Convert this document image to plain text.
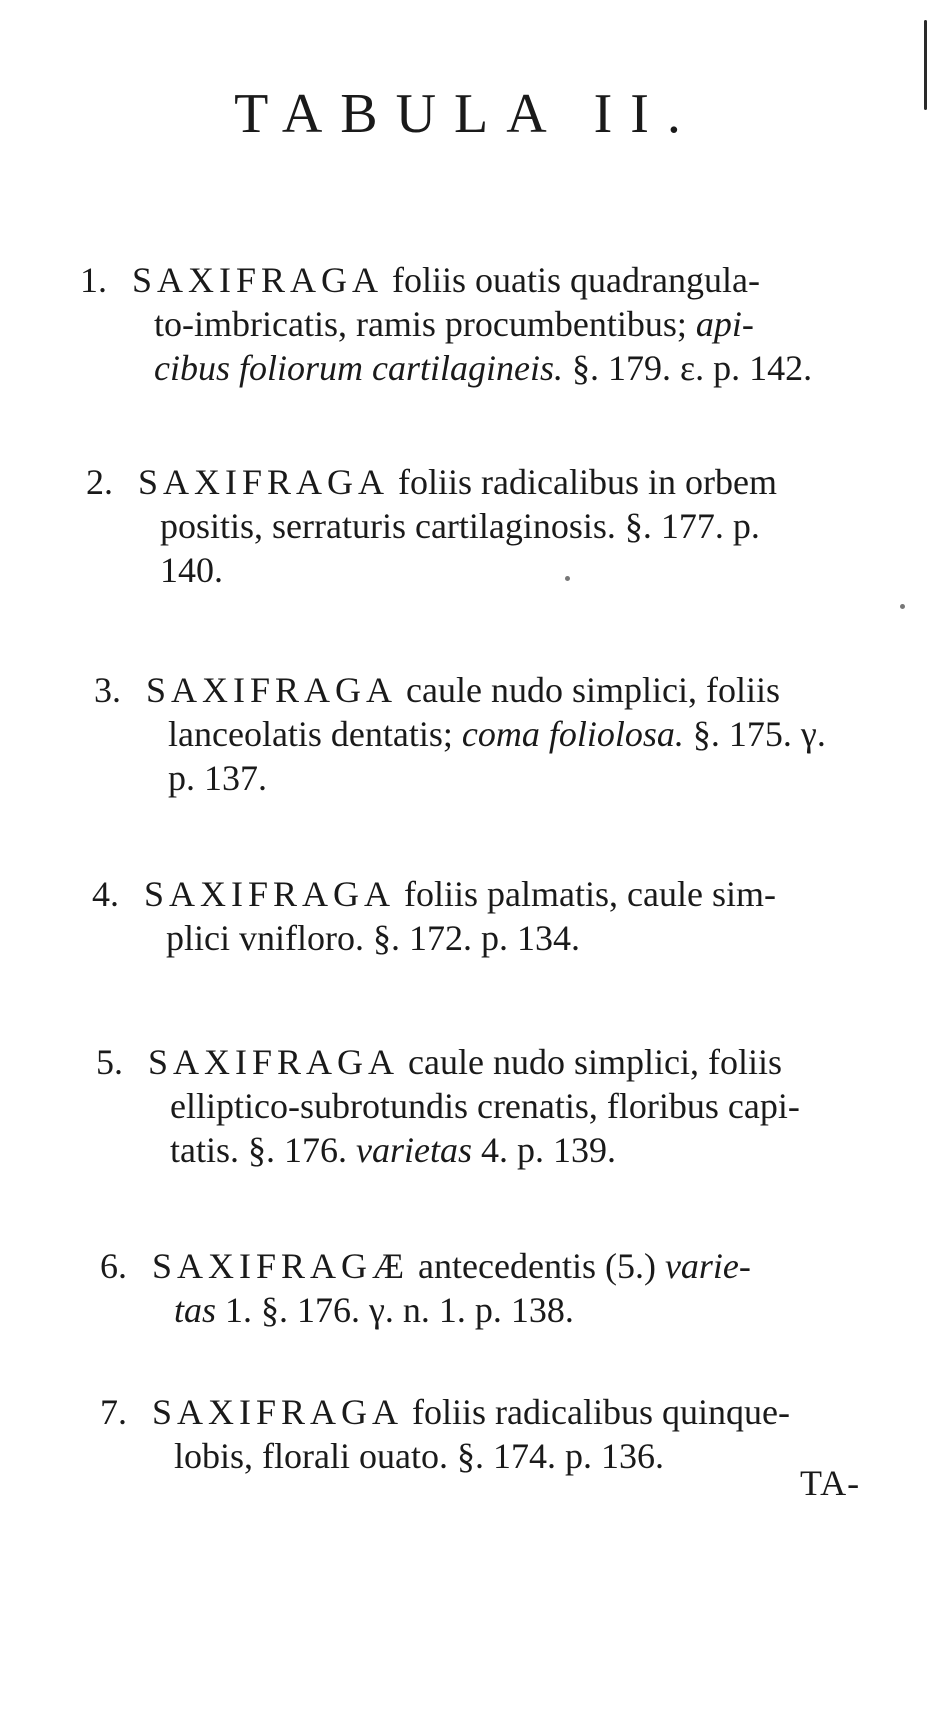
TABULA II.
1. SAXIFRAGA foliis ouatis quadrangula-
to-imbricatis, ramis procumbentibus; api-
cibus foliorum cartilagineis. §. 179. ε. p. 142.
2. SAXIFRAGA foliis radicalibus in orbem
positis, serraturis cartilaginosis. §. 177. p.
140.
3. SAXIFRAGA caule nudo simplici, foliis
lanceolatis dentatis; coma foliolosa. §. 175. γ.
p. 137.
4. SAXIFRAGA foliis palmatis, caule sim-
plici vnifloro. §. 172. p. 134.
5. SAXIFRAGA caule nudo simplici, foliis
elliptico-subrotundis crenatis, floribus capi-
tatis. §. 176. varietas 4. p. 139.
6. SAXIFRAGÆ antecedentis (5.) varie-
tas 1. §. 176. γ. n. 1. p. 138.
7. SAXIFRAGA foliis radicalibus quinque-
lobis, florali ouato. §. 174. p. 136.
TA-
